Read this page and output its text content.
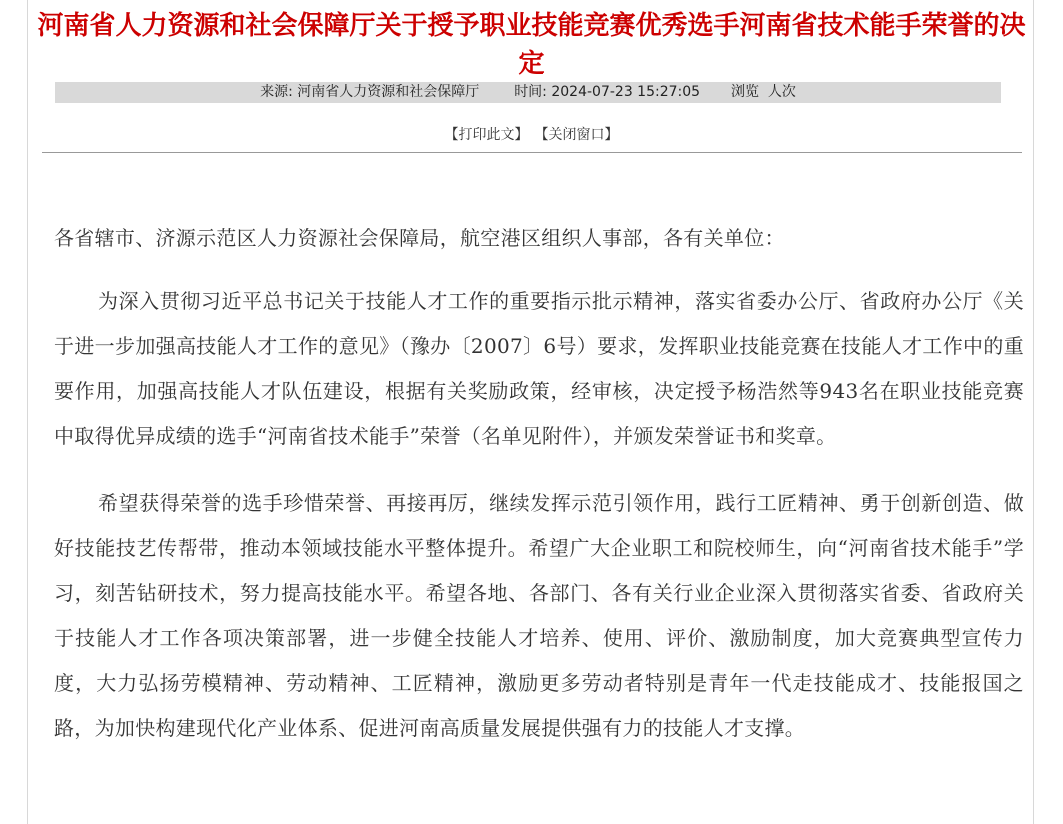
河南省人力资源和社会保障厅关于授予职业技能竞赛优秀选手河南省技术能手荣誉的决
定
来源: 河南省人力资源和社会保障厅 时间: 2024-07-23 15:27:05 浏览 人次
【打印此文】 【关闭窗口】

各省辖市、济源示范区人力资源社会保障局，航空港区组织人事部，各有关单位：

为深入贯彻习近平总书记关于技能人才工作的重要指示批示精神，落实省委办公厅、省政府办公厅《关于进一步加强高技能人才工作的意见》（豫办〔2007〕6号）要求，发挥职业技能竞赛在技能人才工作中的重要作用，加强高技能人才队伍建设，根据有关奖励政策，经审核，决定授予杨浩然等943名在职业技能竞赛中取得优异成绩的选手“河南省技术能手”荣誉（名单见附件），并颁发荣誉证书和奖章。

希望获得荣誉的选手珍惜荣誉、再接再厉，继续发挥示范引领作用，践行工匠精神、勇于创新创造、做好技能技艺传帮带，推动本领域技能水平整体提升。希望广大企业职工和院校师生，向“河南省技术能手”学习，刻苦钻研技术，努力提高技能水平。希望各地、各部门、各有关行业企业深入贯彻落实省委、省政府关于技能人才工作各项决策部署，进一步健全技能人才培养、使用、评价、激励制度，加大竞赛典型宣传力度，大力弘扬劳模精神、劳动精神、工匠精神，激励更多劳动者特别是青年一代走技能成才、技能报国之路，为加快构建现代化产业体系、促进河南高质量发展提供强有力的技能人才支撑。
